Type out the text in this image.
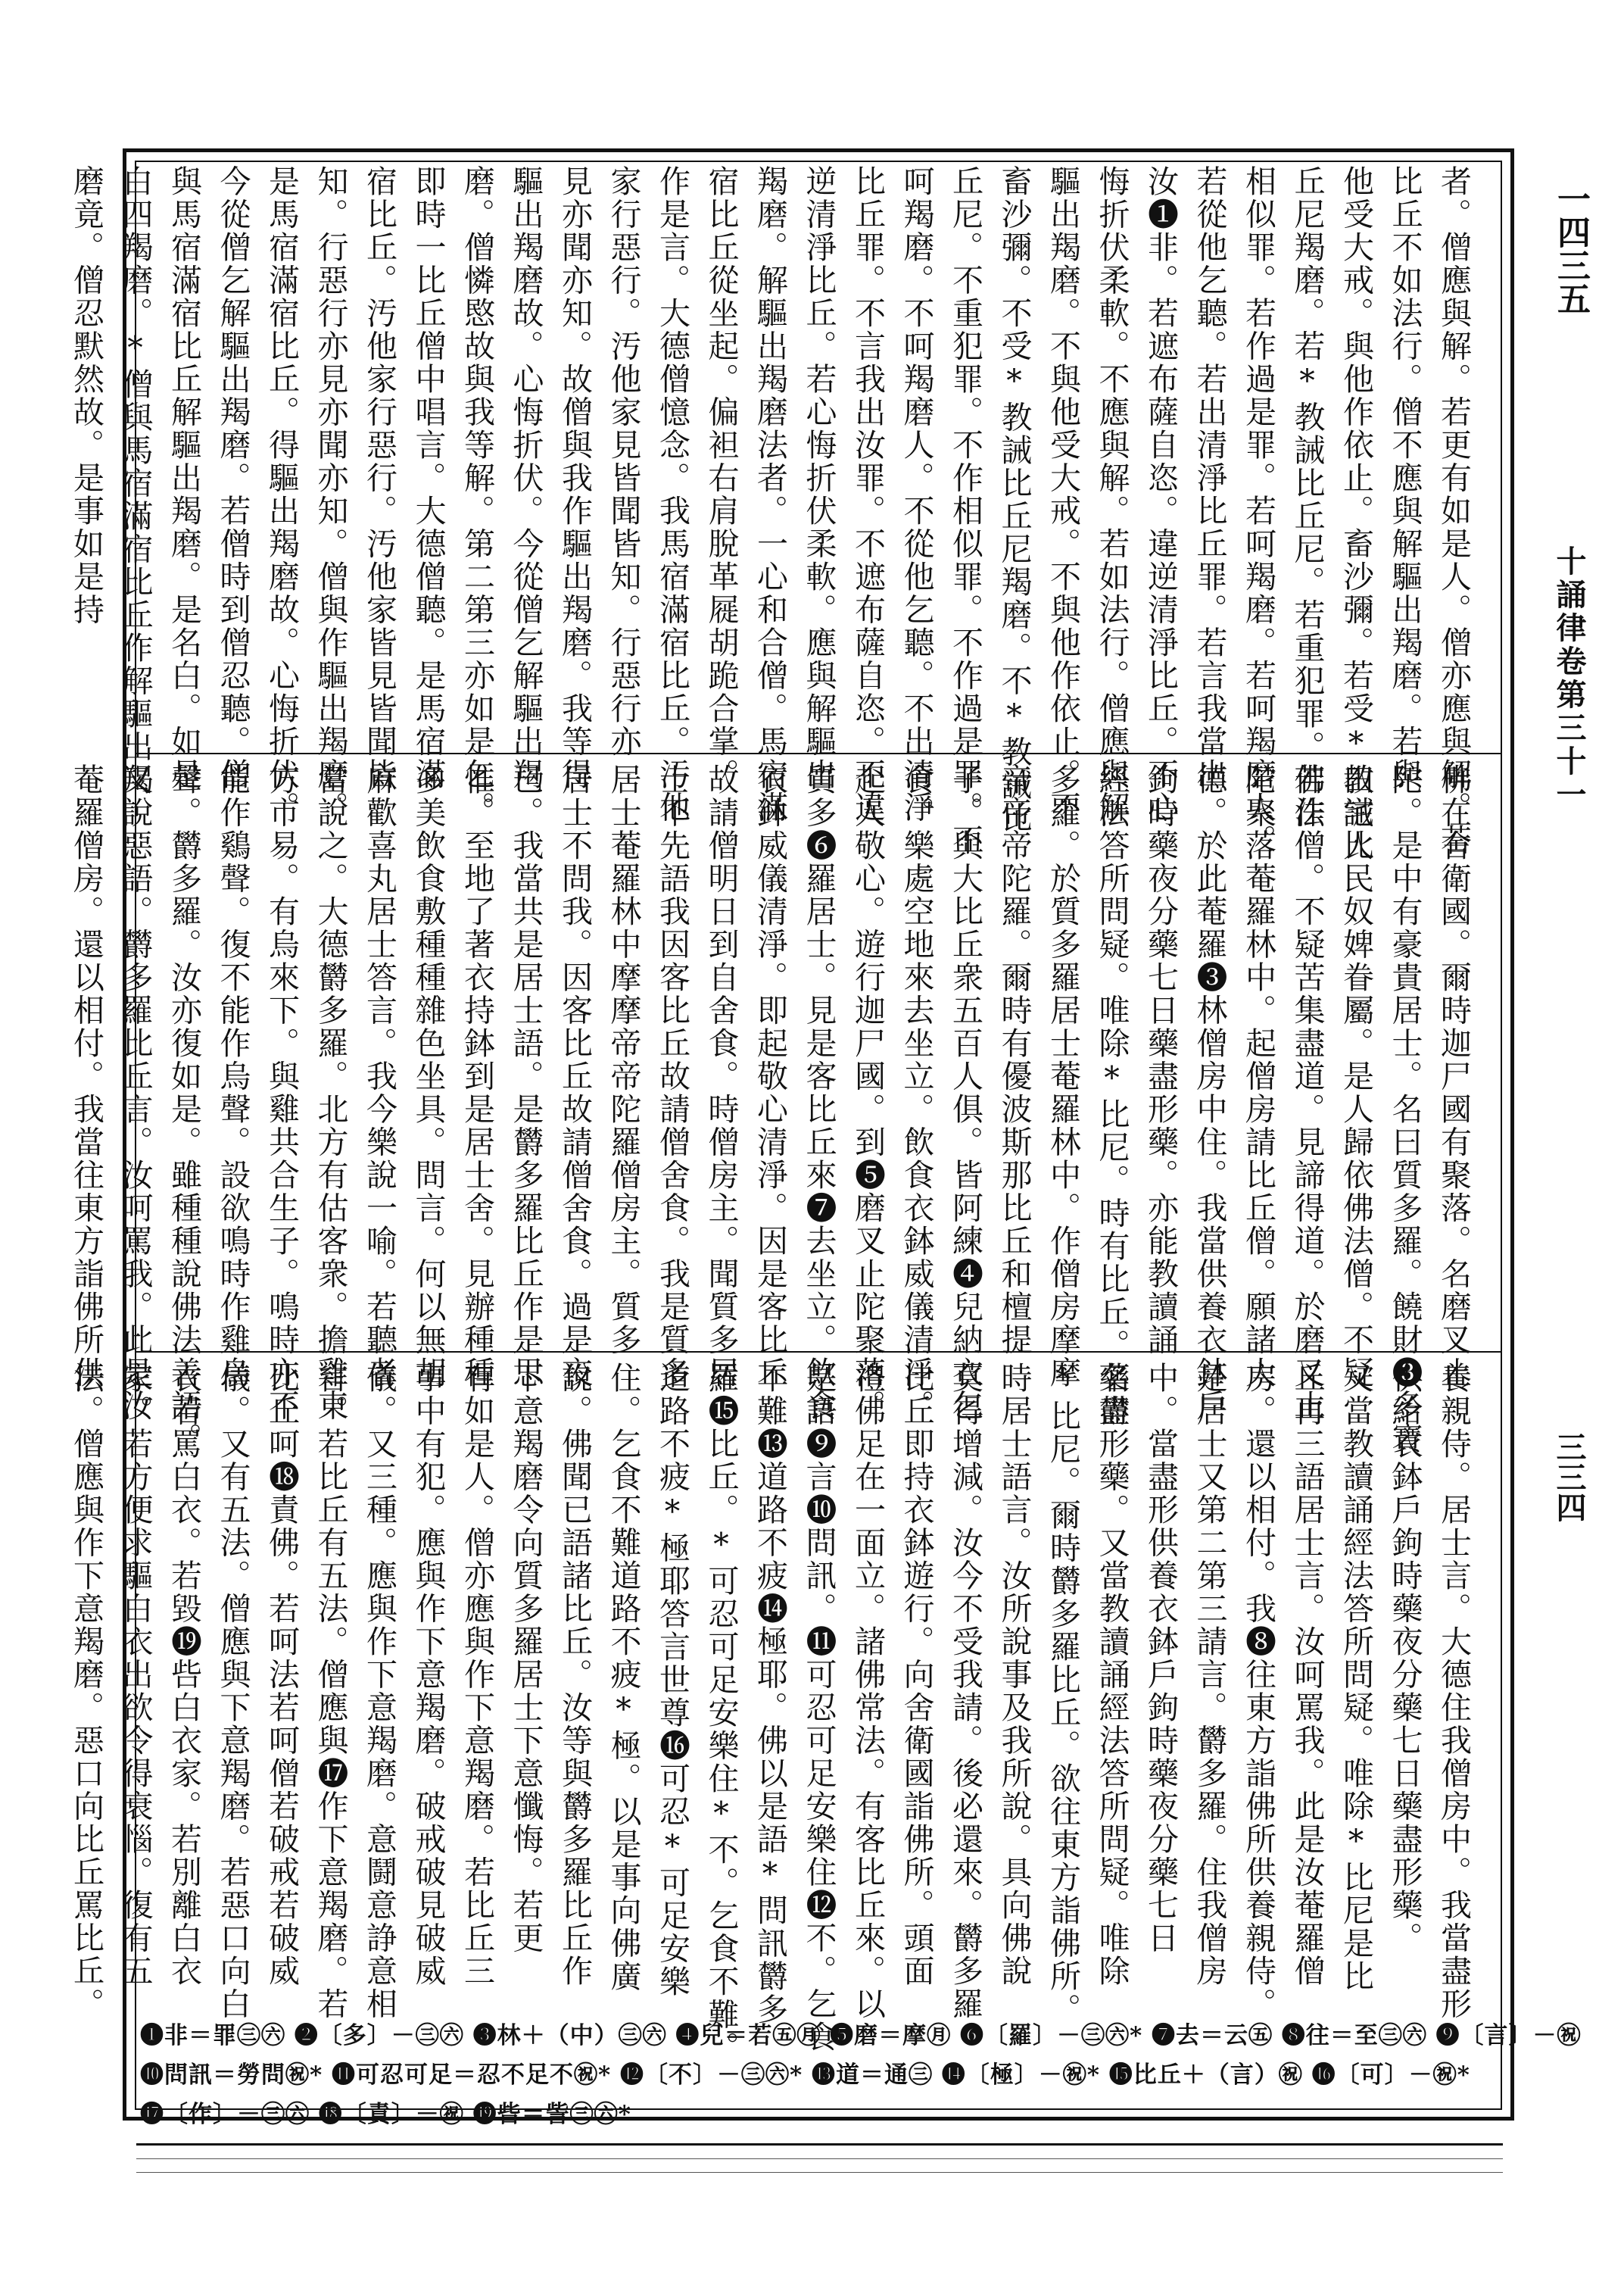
一四三五
十誦律卷第三十一
三三四
者。僧應與解。若更有如是人。僧亦應與解。若
比丘不如法行。僧不應與解驅出羯磨。若與
他受大戒。與他作依止。畜沙彌。若受*教誡比
丘尼羯磨。若*教誡比丘尼。若重犯罪。若作
相似罪。若作過是罪。若呵羯磨。若呵羯磨人。
若從他乞聽。若出清淨比丘罪。若言我當出
汝❶非。若遮布薩自恣。違逆清淨比丘。不心
悔折伏柔軟。不應與解。若如法行。僧應與解
驅出羯磨。不與他受大戒。不與他作依止。不
畜沙彌。不受*教誡比丘尼羯磨。不*教誡比
丘尼。不重犯罪。不作相似罪。不作過是罪。不
呵羯磨。不呵羯磨人。不從他乞聽。不出清淨
比丘罪。不言我出汝罪。不遮布薩自恣。不違
逆清淨比丘。若心悔折伏柔軟。應與解驅出
羯磨。解驅出羯磨法者。一心和合僧。馬宿滿
宿比丘從坐起。偏袒右肩脫革屣胡跪合掌。
作是言。大德僧憶念。我馬宿滿宿比丘。汚他
家行惡行。汚他家見皆聞皆知。行惡行亦
見亦聞亦知。故僧與我作驅出羯磨。我等得
驅出羯磨故。心悔折伏。今從僧乞解驅出羯
磨。僧憐愍故與我等解。第二第三亦如是乞。
即時一比丘僧中唱言。大德僧聽。是馬宿滿
宿比丘。汚他家行惡行。汚他家皆見皆聞皆
知。行惡行亦見亦聞亦知。僧與作驅出羯磨。
是馬宿滿宿比丘。得驅出羯磨故。心悔折伏。
今從僧乞解驅出羯磨。若僧時到僧忍聽。僧
與馬宿滿宿比丘解驅出羯磨。是名白。如是
白四羯磨。*僧與馬宿滿宿比丘作解驅出羯
磨竟。僧忍默然故。是事如是持
佛在舍衛國。爾時迦尸國有聚落。名磨叉止
陀。是中有豪貴居士。名曰質多羅。饒財❸多寶
田宅人民奴婢眷屬。是人歸依佛法僧。不疑
佛法僧。不疑苦集盡道。見諦得道。於磨叉止
陀聚落菴羅林中。起僧房請比丘僧。願諸大
德。於此菴羅❸林僧房中住。我當供養衣鉢戶
鉤時藥夜分藥七日藥盡形藥。亦能教讀誦
經法答所問疑。唯除*比尼。時有比丘。名欝
多羅。於質多羅居士菴羅林中。作僧房摩摩
帝帝帝陀羅。爾時有優波斯那比丘和檀提
子。與大比丘衆五百人俱。皆阿練❹兒納衣乞
食。樂處空地來去坐立。飲食衣鉢威儀清淨。
起人敬心。遊行迦尸國。到❺磨叉止陀聚落。
質多❻羅居士。見是客比丘來❼去坐立。飲食
衣鉢威儀清淨。即起敬心清淨。因是客比丘
故請僧明日到自舍食。時僧房主。聞質多居
士不先語我因客比丘故請僧舍食。我是質多
居士菴羅林中摩摩帝帝陀羅僧房主。質多
居士不問我。因客比丘故請僧舍食。過是夜
已。我當共是居士語。是欝多羅比丘作是思
惟。至地了著衣持鉢到是居士舍。見辦種種
多美飲食敷種種雜色坐具。問言。何以無胡
麻歡喜丸居士答言。我今樂說一喻。若聽者
當說之。大德欝多羅。北方有估客衆。擔雞東
方市易。有烏來下。與雞共合生子。鳴時亦不
能作鷄聲。復不能作烏聲。設欲鳴時作雞烏
聲。欝多羅。汝亦復如是。雖種種說佛法善語。
又說惡語。欝多羅比丘言。汝呵罵我。此是汝
菴羅僧房。還以相付。我當往東方詣佛所供
養親侍。居士言。大德住我僧房中。我當盡形
供給衣鉢戶鉤時藥夜分藥七日藥盡形藥。
又當教讀誦經法答所問疑。唯除*比尼是比
丘再三語居士言。汝呵罵我。此是汝菴羅僧
房。還以相付。我❽往東方詣佛所供養親侍。
是居士又第二第三請言。欝多羅。住我僧房
中。當盡形供養衣鉢戶鉤時藥夜分藥七日
藥盡形藥。又當教讀誦經法答所問疑。唯除
*比尼。爾時欝多羅比丘。欲往東方詣佛所。
時居士語言。汝所說事及我所說。具向佛說
莫得增減。汝今不受我請。後必還來。欝多羅
比丘即持衣鉢遊行。向舍衛國詣佛所。頭面
禮佛足在一面立。諸佛常法。有客比丘來。以
是語❾言❿問訊。⓫可忍可足安樂住⓬不。乞食
不難⓭道路不疲⓮極耶。佛以是語*問訊欝多
羅⓯比丘。*可忍可足安樂住*不。乞食不難。
道路不疲*極耶答言世尊⓰可忍*可足安樂
住。乞食不難道路不疲*極。以是事向佛廣
說。佛聞已語諸比丘。汝等與欝多羅比丘作
下意羯磨令向質多羅居士下意懺悔。若更
有如是人。僧亦應與作下意羯磨。若比丘三
事中有犯。應與作下意羯磨。破戒破見破威
儀。又三種。應與作下意羯磨。意鬪意諍意相
言。若比丘有五法。僧應與⓱作下意羯磨。若
比丘呵⓲責佛。若呵法若呵僧若破戒若破威
儀。又有五法。僧應與下意羯磨。若惡口向白
衣若罵白衣。若毀⓳呰白衣家。若別離白衣
家。若方便求驅白衣出欲令得衰惱。復有五
法。僧應與作下意羯磨。惡口向比丘罵比丘。
❶非＝罪㊂㊅ ❷〔多〕－㊂㊅ ❸林＋（中）㊂㊅ ❹兒＝若㊄㊊ ❺磨＝摩㊊ ❻〔羅〕－㊂㊅* ❼去＝云㊄ ❽往＝至㊂㊅ ❾〔言〕－㊗
❿問訊＝勞問㊗* ⓫可忍可足＝忍不足不㊗* ⓬〔不〕－㊂㊅* ⓭道＝通㊂ ⓮〔極〕－㊗* ⓯比丘＋（言）㊗ ⓰〔可〕－㊗*
⓱〔作〕－㊂㊅ ⓲〔責〕－㊗ ⓳呰＝訾㊂㊅*
